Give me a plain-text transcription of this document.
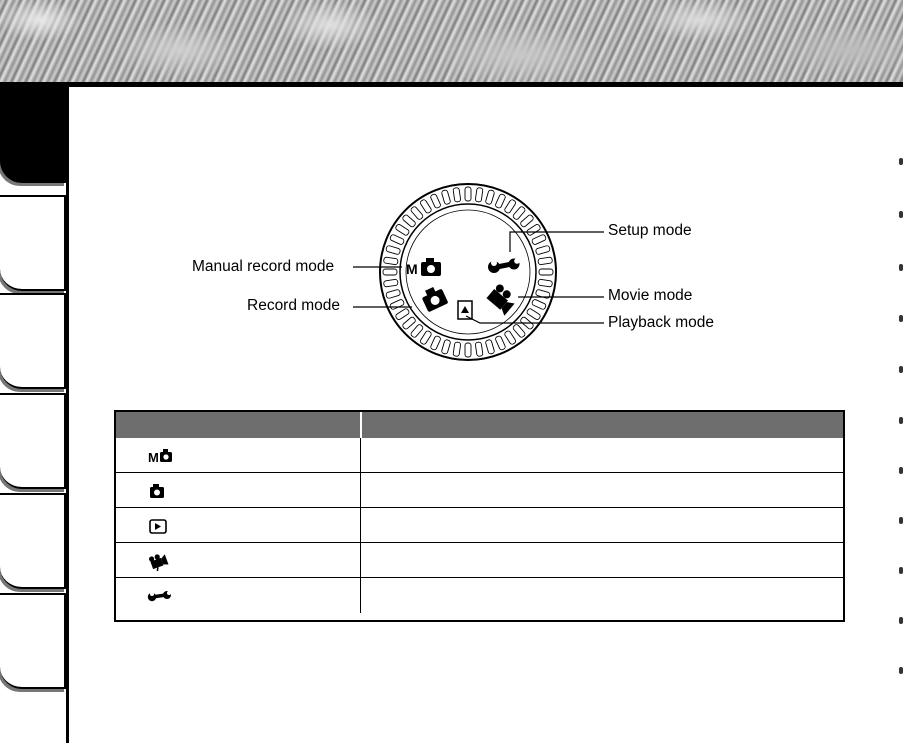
M
Setup mode
Manual record mode
Record mode
Movie mode
Playback mode
M
